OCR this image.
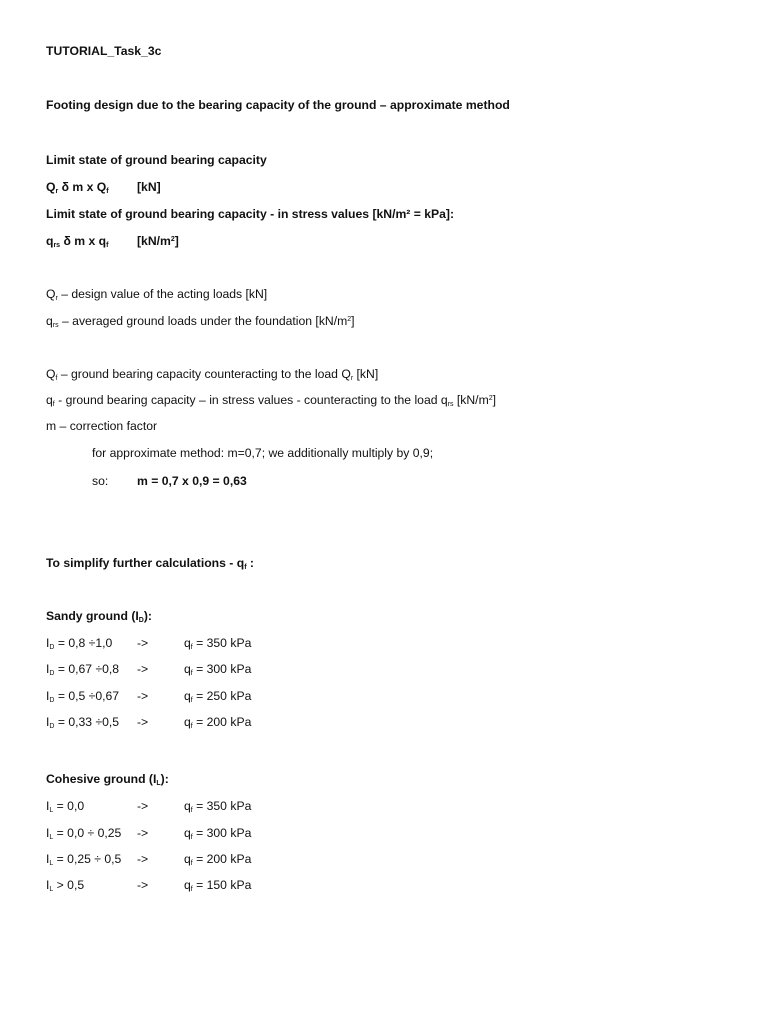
TUTORIAL_Task_3c
Footing design due to the bearing capacity of the ground – approximate method
Limit state of ground bearing capacity
$Q_r$ δ m x $Q_f$ [kN]
Limit state of ground bearing capacity - in stress values [kN/m² = kPa]:
$q_{rs}$ δ m x $q_f$ $[kN/m^2]$
$Q_r$ – design value of the acting loads [kN]
$q_{rs}$ – averaged ground loads under the foundation $[kN/m^2]$
$Q_f$ – ground bearing capacity counteracting to the load $Q_r$ [kN]
$q_f$ - ground bearing capacity – in stress values - counteracting to the load $q_{rs}$ $[kN/m^2]$
m – correction factor
for approximate method: m=0,7; we additionally multiply by 0,9;
so: m = 0,7 x 0,9 = 0,63
To simplify further calculations - $q_f$ :
Sandy ground $(I_D)$:
$I_D = 0,8 \div 1,0$ ->	$q_f = 350$ kPa
$I_D = 0,67 \div 0,8$ ->	$q_f = 300$ kPa
$I_D = 0,5 \div 0,67$ ->	$q_f = 250$ kPa
$I_D = 0,33 \div 0,5$ ->	$q_f = 200$ kPa
Cohesive ground $(I_L)$:
$I_L = 0,0$	->	$q_f = 350$ kPa
$I_L = 0,0 \div 0,25$ ->	$q_f = 300$ kPa
$I_L = 0,25 \div 0,5$ ->	$q_f = 200$ kPa
$I_L > 0,5$	->	$q_f = 150$ kPa
